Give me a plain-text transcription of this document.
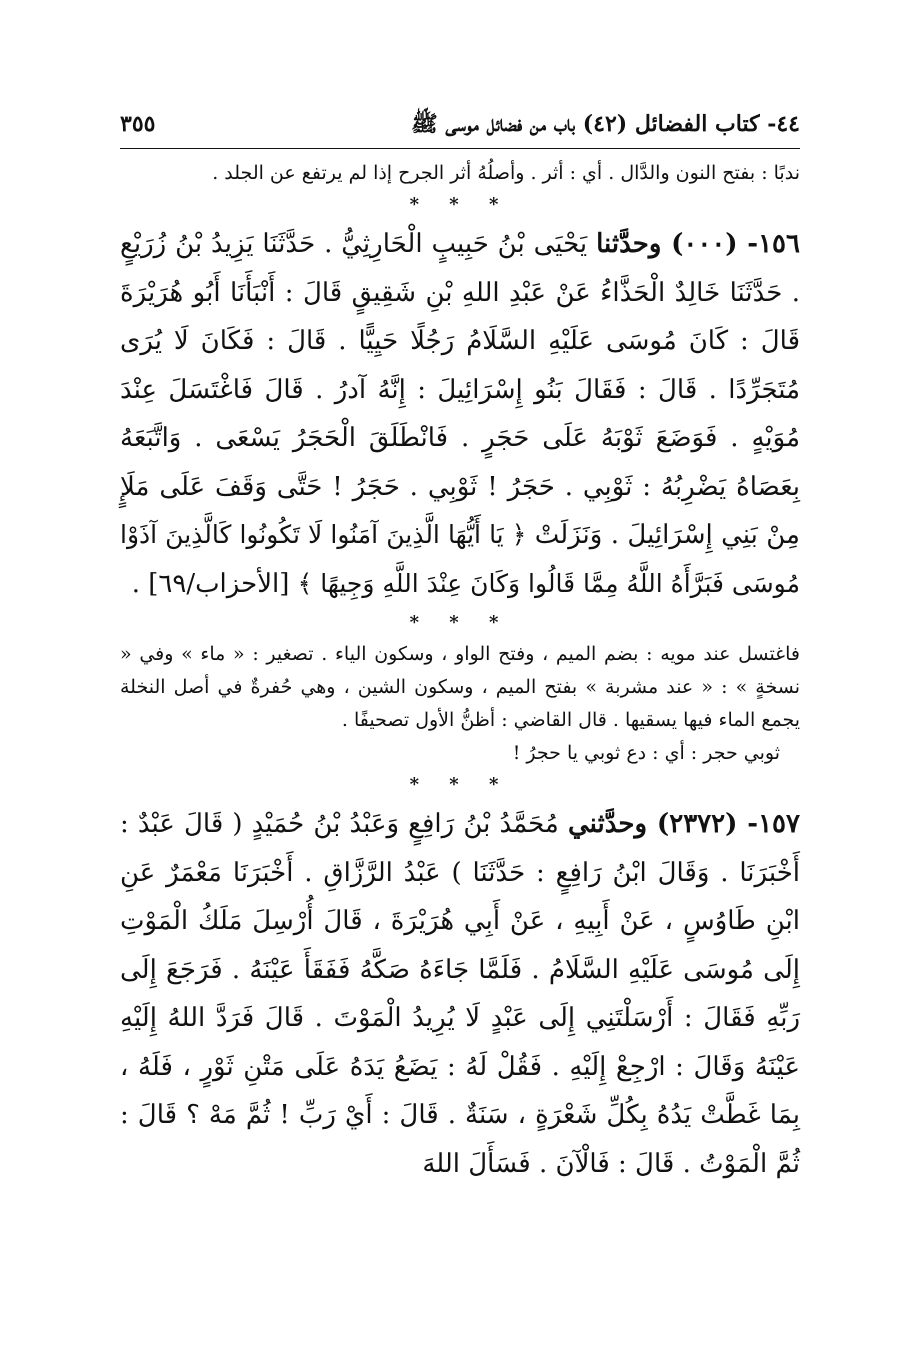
٤٤- كتاب الفضائل (٤٢) باب من فضائل موسى ﷺ
٣٥٥

ندبًا : بفتح النون والدَّال . أي : أثر . وأصلُهُ أثر الجرح إذا لم يرتفع عن الجلد .

* * *

١٥٦- (٠٠٠) وحدَّثنا يَحْيَى بْنُ حَبِيبٍ الْحَارِثِيُّ . حَدَّثَنَا يَزِيدُ بْنُ زُرَيْعٍ . حَدَّثَنَا خَالِدٌ الْحَذَّاءُ عَنْ عَبْدِ اللهِ بْنِ شَقِيقٍ قَالَ : أَنْبَأَنَا أَبُو هُرَيْرَةَ قَالَ : كَانَ مُوسَى عَلَيْهِ السَّلَامُ رَجُلًا حَيِيًّا . قَالَ : فَكَانَ لَا يُرَى مُتَجَرِّدًا . قَالَ : فَقَالَ بَنُو إِسْرَائِيلَ : إِنَّهُ آدرُ . قَالَ فَاغْتَسَلَ عِنْدَ مُوَيْهٍ . فَوَضَعَ ثَوْبَهُ عَلَى حَجَرٍ . فَانْطَلَقَ الْحَجَرُ يَسْعَى . وَاتَّبَعَهُ بِعَصَاهُ يَضْرِبُهُ : ثَوْبِي . حَجَرُ ! ثَوْبِي . حَجَرُ ! حَتَّى وَقَفَ عَلَى مَلَإٍ مِنْ بَنِي إِسْرَائِيلَ . وَنَزَلَتْ ﴿ يَا أَيُّهَا الَّذِينَ آمَنُوا لَا تَكُونُوا كَالَّذِينَ آذَوْا مُوسَى فَبَرَّأَهُ اللَّهُ مِمَّا قَالُوا وَكَانَ عِنْدَ اللَّهِ وَجِيهًا ﴾ [الأحزاب/٦٩] .

* * *

فاغتسل عند مويه : بضم الميم ، وفتح الواو ، وسكون الياء . تصغير : « ماء » وفي « نسخةٍ » : « عند مشربة » بفتح الميم ، وسكون الشين ، وهي حُفرةٌ في أصل النخلة يجمع الماء فيها يسقيها . قال القاضي : أظنُّ الأول تصحيفًا .

ثوبي حجر : أي : دع ثوبي يا حجرُ !

* * *

١٥٧- (٢٣٧٢) وحدَّثني مُحَمَّدُ بْنُ رَافِعٍ وَعَبْدُ بْنُ حُمَيْدٍ ( قَالَ عَبْدٌ : أَخْبَرَنَا . وَقَالَ ابْنُ رَافِعٍ : حَدَّثَنَا ) عَبْدُ الرَّزَّاقِ . أَخْبَرَنَا مَعْمَرٌ عَنِ ابْنِ طَاوُسٍ ، عَنْ أَبِيهِ ، عَنْ أَبِي هُرَيْرَةَ ، قَالَ أُرْسِلَ مَلَكُ الْمَوْتِ إِلَى مُوسَى عَلَيْهِ السَّلَامُ . فَلَمَّا جَاءَهُ صَكَّهُ فَفَقَأَ عَيْنَهُ . فَرَجَعَ إِلَى رَبِّهِ فَقَالَ : أَرْسَلْتَنِي إِلَى عَبْدٍ لَا يُرِيدُ الْمَوْتَ . قَالَ فَرَدَّ اللهُ إِلَيْهِ عَيْنَهُ وَقَالَ : ارْجِعْ إِلَيْهِ . فَقُلْ لَهُ : يَضَعُ يَدَهُ عَلَى مَتْنِ ثَوْرٍ ، فَلَهُ ، بِمَا غَطَّتْ يَدُهُ بِكُلِّ شَعْرَةٍ ، سَنَةٌ . قَالَ : أَيْ رَبِّ ! ثُمَّ مَهْ ؟ قَالَ : ثُمَّ الْمَوْتُ . قَالَ : فَالْآنَ . فَسَأَلَ اللهَ
